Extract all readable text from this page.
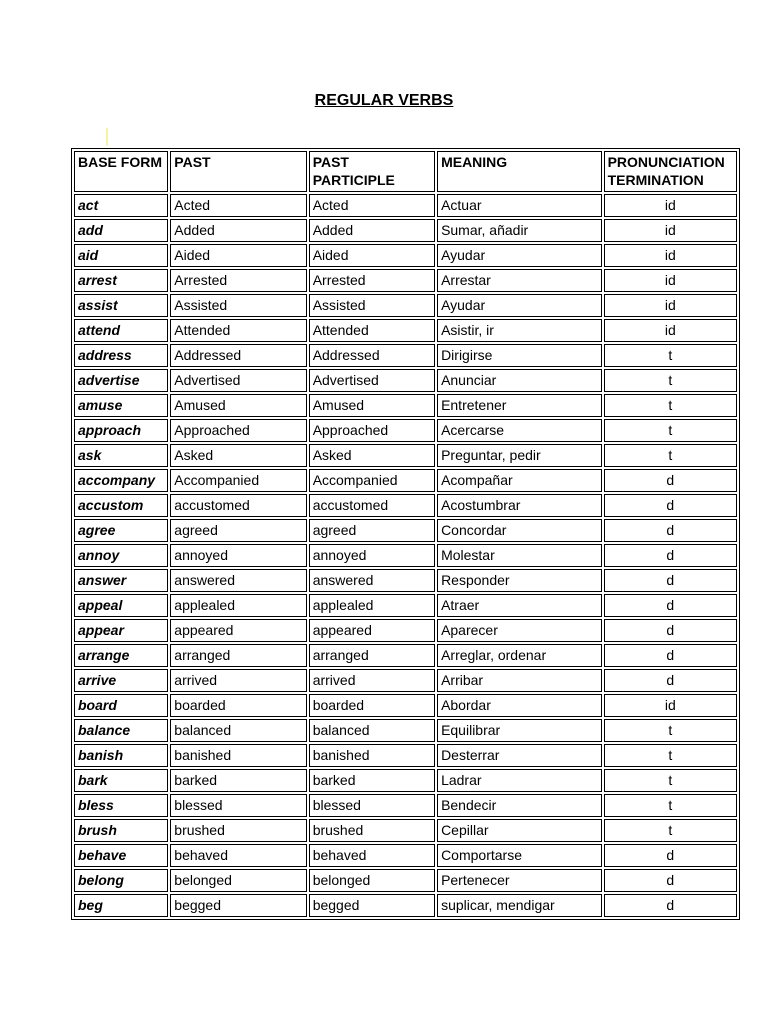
REGULAR VERBS
BASE FORM	PAST	PAST PARTICIPLE	MEANING	PRONUNCIATION TERMINATION
act	Acted	Acted	Actuar	id
add	Added	Added	Sumar, añadir	id
aid	Aided	Aided	Ayudar	id
arrest	Arrested	Arrested	Arrestar	id
assist	Assisted	Assisted	Ayudar	id
attend	Attended	Attended	Asistir, ir	id
address	Addressed	Addressed	Dirigirse	t
advertise	Advertised	Advertised	Anunciar	t
amuse	Amused	Amused	Entretener	t
approach	Approached	Approached	Acercarse	t
ask	Asked	Asked	Preguntar, pedir	t
accompany	Accompanied	Accompanied	Acompañar	d
accustom	accustomed	accustomed	Acostumbrar	d
agree	agreed	agreed	Concordar	d
annoy	annoyed	annoyed	Molestar	d
answer	answered	answered	Responder	d
appeal	applealed	applealed	Atraer	d
appear	appeared	appeared	Aparecer	d
arrange	arranged	arranged	Arreglar, ordenar	d
arrive	arrived	arrived	Arribar	d
board	boarded	boarded	Abordar	id
balance	balanced	balanced	Equilibrar	t
banish	banished	banished	Desterrar	t
bark	barked	barked	Ladrar	t
bless	blessed	blessed	Bendecir	t
brush	brushed	brushed	Cepillar	t
behave	behaved	behaved	Comportarse	d
belong	belonged	belonged	Pertenecer	d
beg	begged	begged	suplicar, mendigar	d
